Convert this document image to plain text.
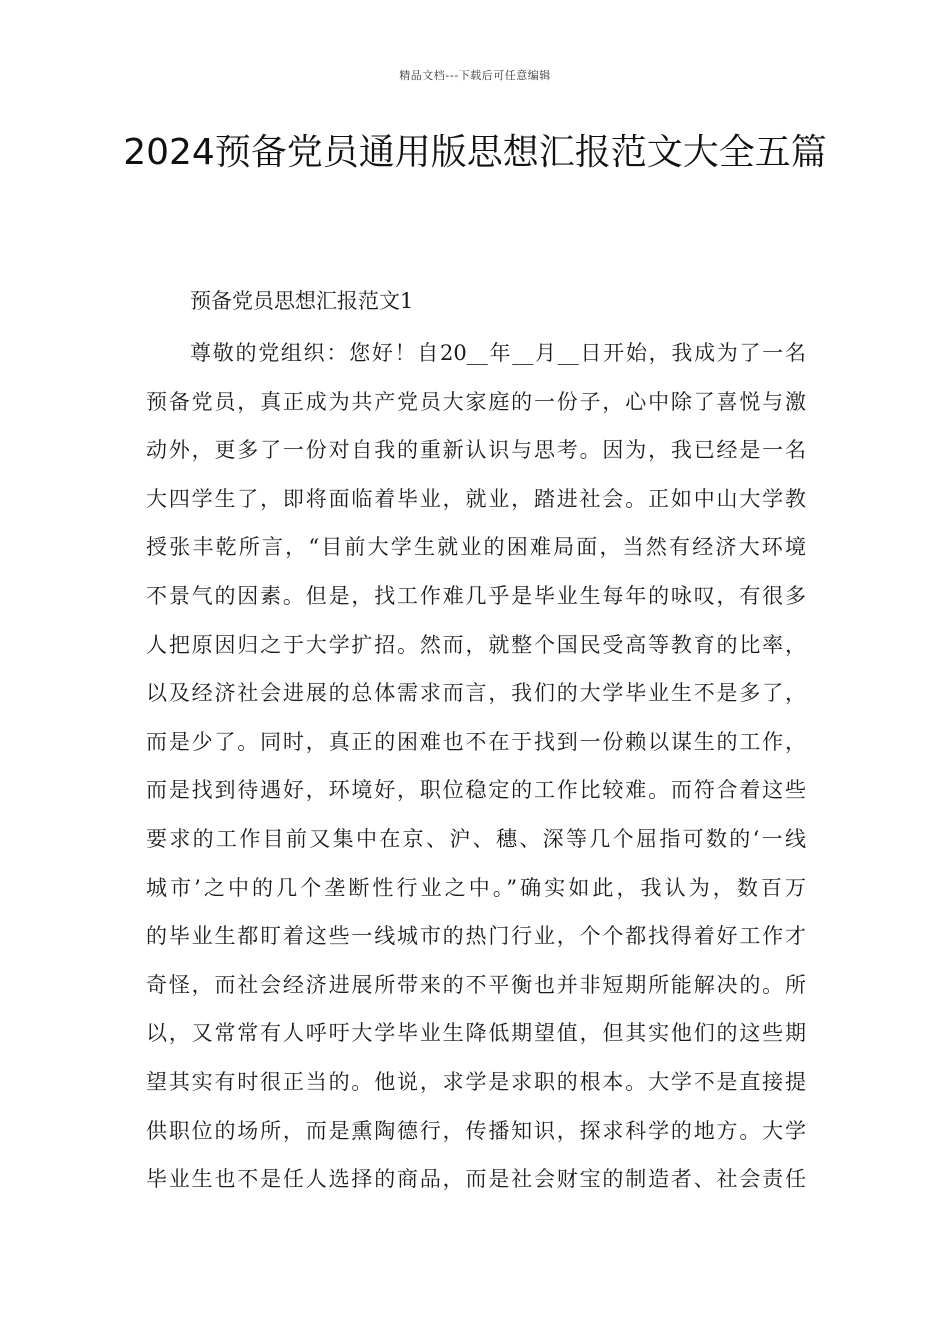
精品文档---下载后可任意编辑
2024预备党员通用版思想汇报范文大全五篇
预备党员思想汇报范文1
尊敬的党组织：您好！自20__年__月__日开始，我成为了一名
预备党员，真正成为共产党员大家庭的一份子，心中除了喜悦与激
动外，更多了一份对自我的重新认识与思考。因为，我已经是一名
大四学生了，即将面临着毕业，就业，踏进社会。正如中山大学教
授张丰乾所言，“目前大学生就业的困难局面，当然有经济大环境
不景气的因素。但是，找工作难几乎是毕业生每年的咏叹，有很多
人把原因归之于大学扩招。然而，就整个国民受高等教育的比率，
以及经济社会进展的总体需求而言，我们的大学毕业生不是多了，
而是少了。同时，真正的困难也不在于找到一份赖以谋生的工作，
而是找到待遇好，环境好，职位稳定的工作比较难。而符合着这些
要求的工作目前又集中在京、沪、穗、深等几个屈指可数的‘一线
城市’之中的几个垄断性行业之中。”确实如此，我认为，数百万
的毕业生都盯着这些一线城市的热门行业，个个都找得着好工作才
奇怪，而社会经济进展所带来的不平衡也并非短期所能解决的。所
以，又常常有人呼吁大学毕业生降低期望值，但其实他们的这些期
望其实有时很正当的。他说，求学是求职的根本。大学不是直接提
供职位的场所，而是熏陶德行，传播知识，探求科学的地方。大学
毕业生也不是任人选择的商品，而是社会财宝的制造者、社会责任
